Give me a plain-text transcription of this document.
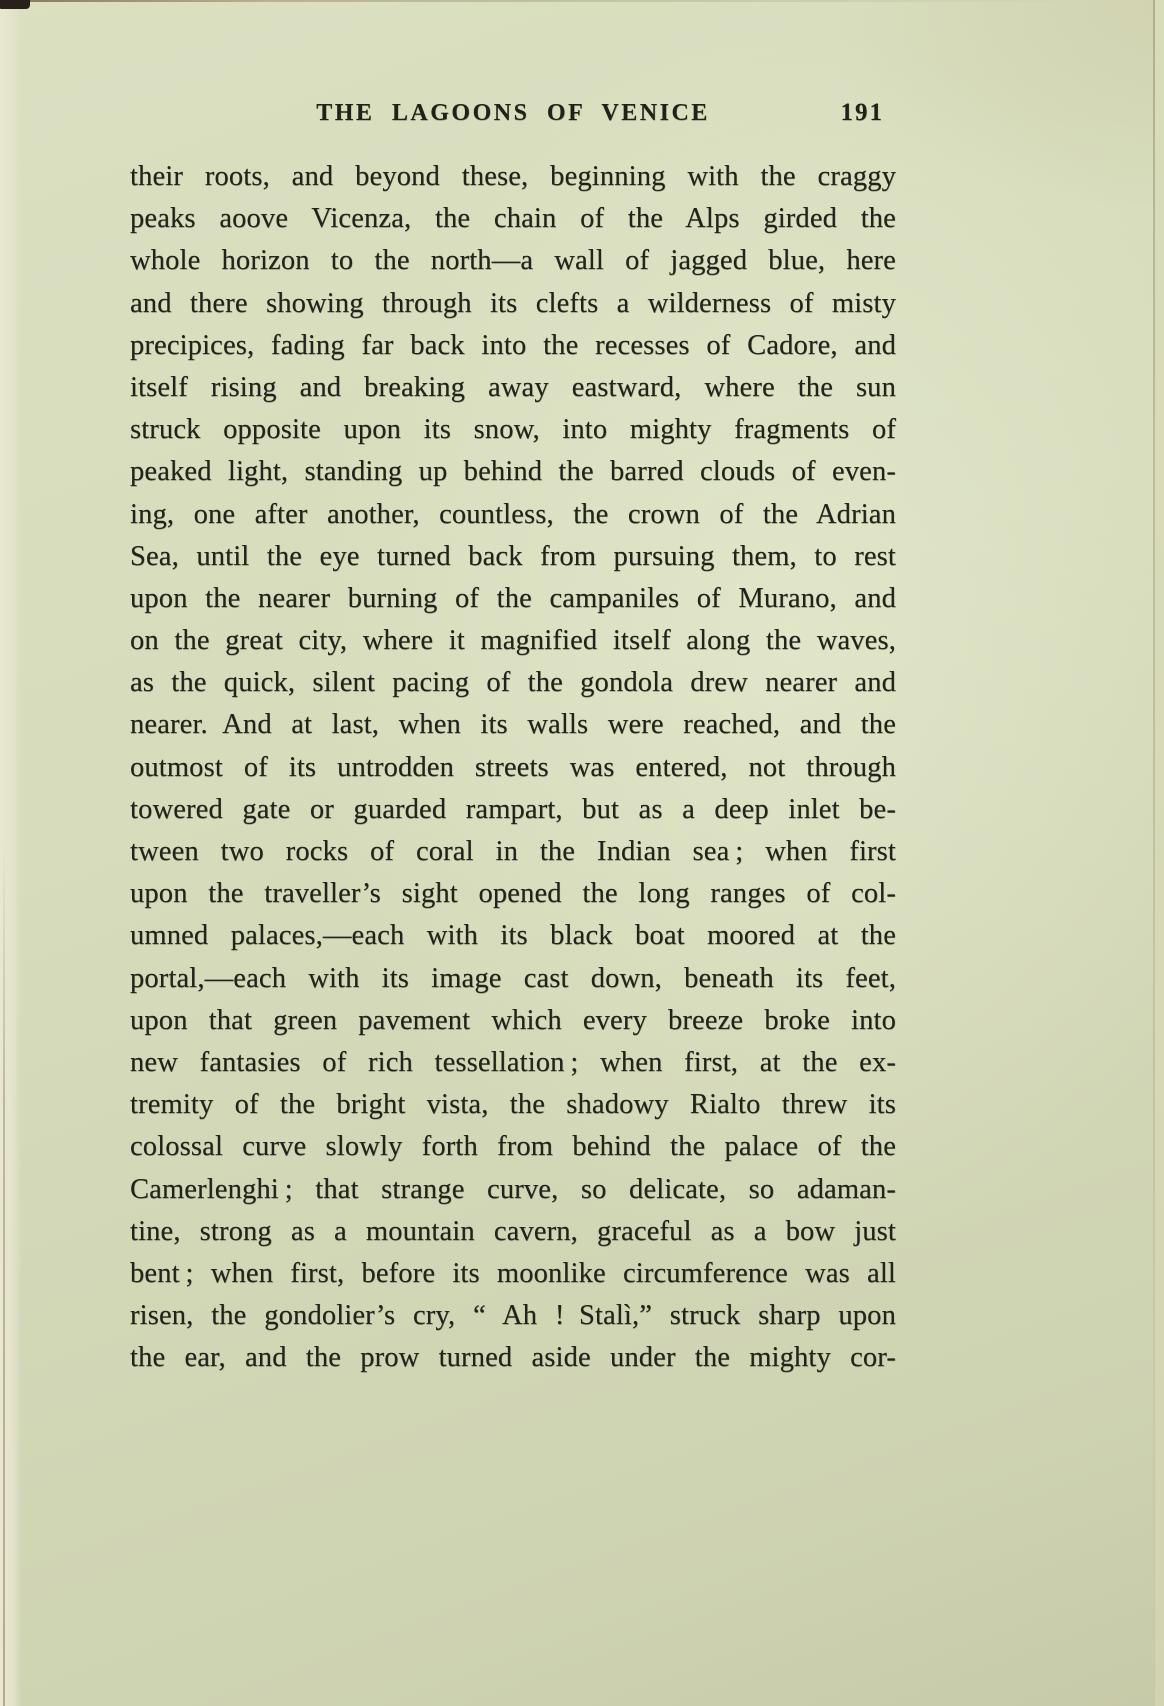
THE LAGOONS OF VENICE	191
their roots, and beyond these, beginning with the craggy
peaks aoove Vicenza, the chain of the Alps girded the
whole horizon to the north—a wall of jagged blue, here
and there showing through its clefts a wilderness of misty
precipices, fading far back into the recesses of Cadore, and
itself rising and breaking away eastward, where the sun
struck opposite upon its snow, into mighty fragments of
peaked light, standing up behind the barred clouds of even-
ing, one after another, countless, the crown of the Adrian
Sea, until the eye turned back from pursuing them, to rest
upon the nearer burning of the campaniles of Murano, and
on the great city, where it magnified itself along the waves,
as the quick, silent pacing of the gondola drew nearer and
nearer. And at last, when its walls were reached, and the
outmost of its untrodden streets was entered, not through
towered gate or guarded rampart, but as a deep inlet be-
tween two rocks of coral in the Indian sea ; when first
upon the traveller’s sight opened the long ranges of col-
umned palaces,—each with its black boat moored at the
portal,—each with its image cast down, beneath its feet,
upon that green pavement which every breeze broke into
new fantasies of rich tessellation ; when first, at the ex-
tremity of the bright vista, the shadowy Rialto threw its
colossal curve slowly forth from behind the palace of the
Camerlenghi ; that strange curve, so delicate, so adaman-
tine, strong as a mountain cavern, graceful as a bow just
bent ; when first, before its moonlike circumference was all
risen, the gondolier’s cry, “ Ah ! Stalì,” struck sharp upon
the ear, and the prow turned aside under the mighty cor-
